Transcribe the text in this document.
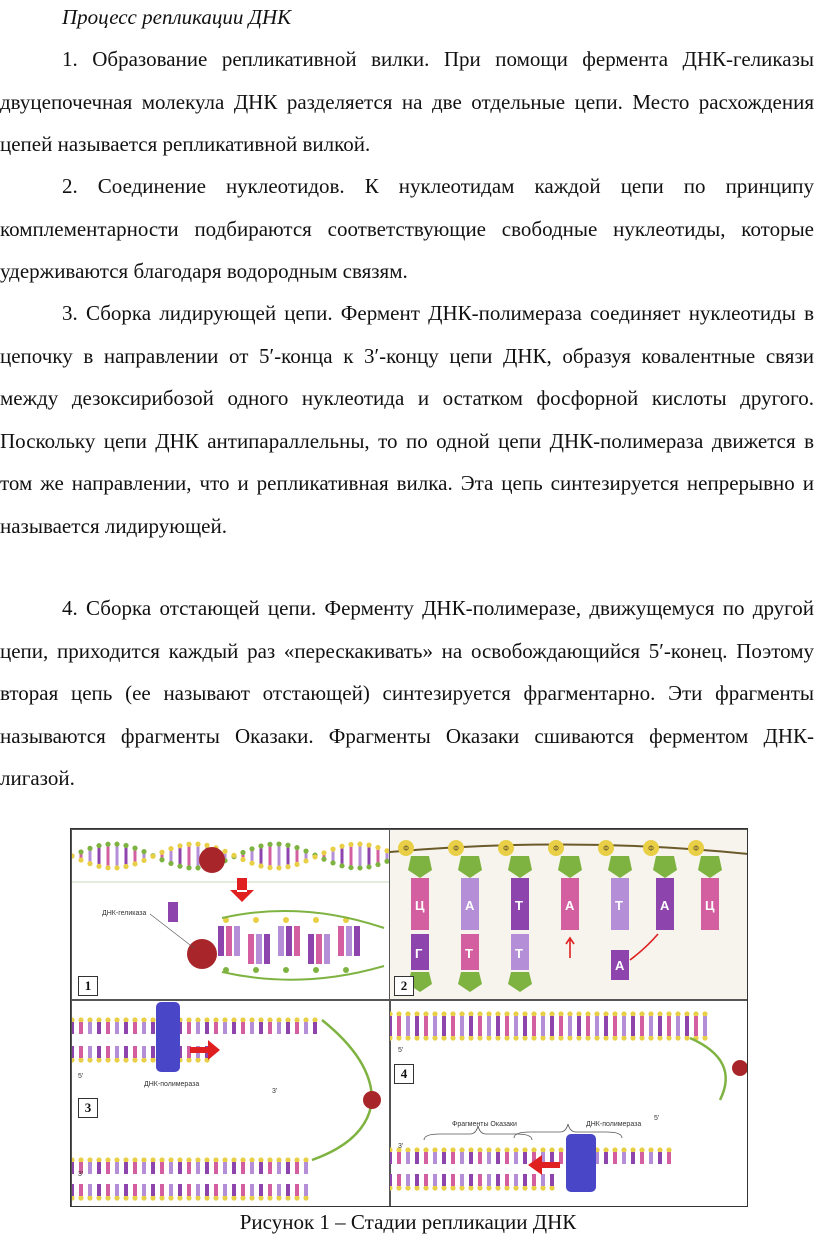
Процесс репликации ДНК

1. Образование репликативной вилки. При помощи фермента ДНК-геликазы двуцепочечная молекула ДНК разделяется на две отдельные цепи. Место расхождения цепей называется репликативной вилкой.

2. Соединение нуклеотидов. К нуклеотидам каждой цепи по принципу комплементарности подбираются соответствующие свободные нуклеотиды, которые удерживаются благодаря водородным связям.

3. Сборка лидирующей цепи. Фермент ДНК-полимераза соединяет нуклеотиды в цепочку в направлении от 5′-конца к 3′-концу цепи ДНК, образуя ковалентные связи между дезоксирибозой одного нуклеотида и остатком фосфорной кислоты другого. Поскольку цепи ДНК антипараллельны, то по одной цепи ДНК-полимераза движется в том же направлении, что и репликативная вилка. Эта цепь синтезируется непрерывно и называется лидирующей.

4. Сборка отстающей цепи. Ферменту ДНК-полимеразе, движущемуся по другой цепи, приходится каждый раз «перескакивать» на освобождающийся 5′-конец. Поэтому вторая цепь (ее называют отстающей) синтезируется фрагментарно. Эти фрагменты называются фрагменты Оказаки. Фрагменты Оказаки сшиваются ферментом ДНК-лигазой.

ДНК-геликаза
1
Ф
Ц
Ф
А
Ф
Т
Ф
А
Ф
Т
Ф
А
Ф
Ц
Г	Т	Т
А
2
ДНК-полимераза
5'
3'
3'
3
Фрагменты Оказаки	ДНК-полимераза
5'
3'
5'
4
Рисунок 1 – Стадии репликации ДНК
